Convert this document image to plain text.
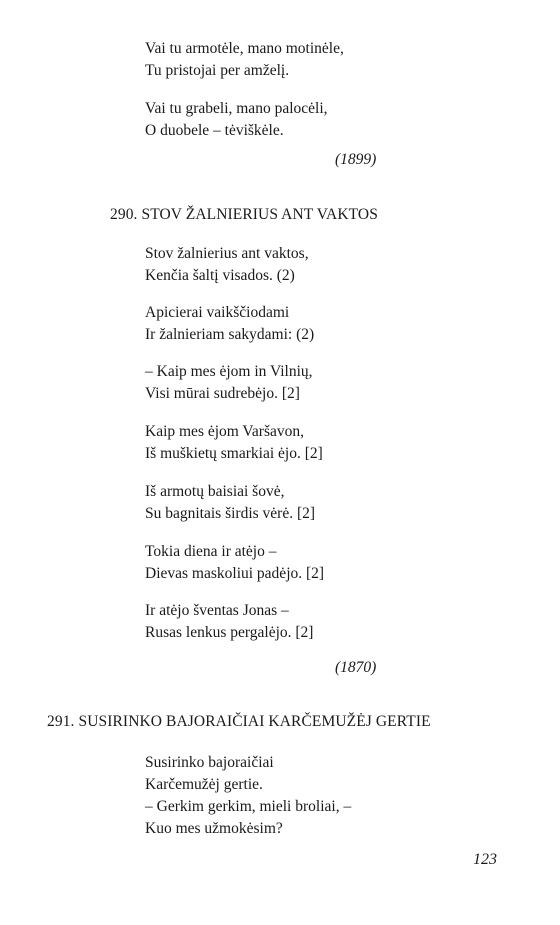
Vai tu armotėle, mano motinėle,
Tu pristojai per amželį.
Vai tu grabeli, mano palocėli,
O duobele – tėviškėle.
(1899)
290. STOV ŽALNIERIUS ANT VAKTOS
Stov žalnierius ant vaktos,
Kenčia šaltį visados. (2)
Apicierai vaikščiodami
Ir žalnieriam sakydami: (2)
– Kaip mes ėjom in Vilnių,
Visi mūrai sudrebėjo. [2]
Kaip mes ėjom Varšavon,
Iš muškietų smarkiai ėjo. [2]
Iš armotų baisiai šovė,
Su bagnitais širdis vėrė. [2]
Tokia diena ir atėjo –
Dievas maskoliui padėjo. [2]
Ir atėjo šventas Jonas –
Rusas lenkus pergalėjo. [2]
(1870)
291. SUSIRINKO BAJORAIČIAI KARČEMUŽĖJ GERTIE
Susirinko bajoraičiai
Karčemužėj gertie.
– Gerkim gerkim, mieli broliai, –
Kuo mes užmokėsim?
123
